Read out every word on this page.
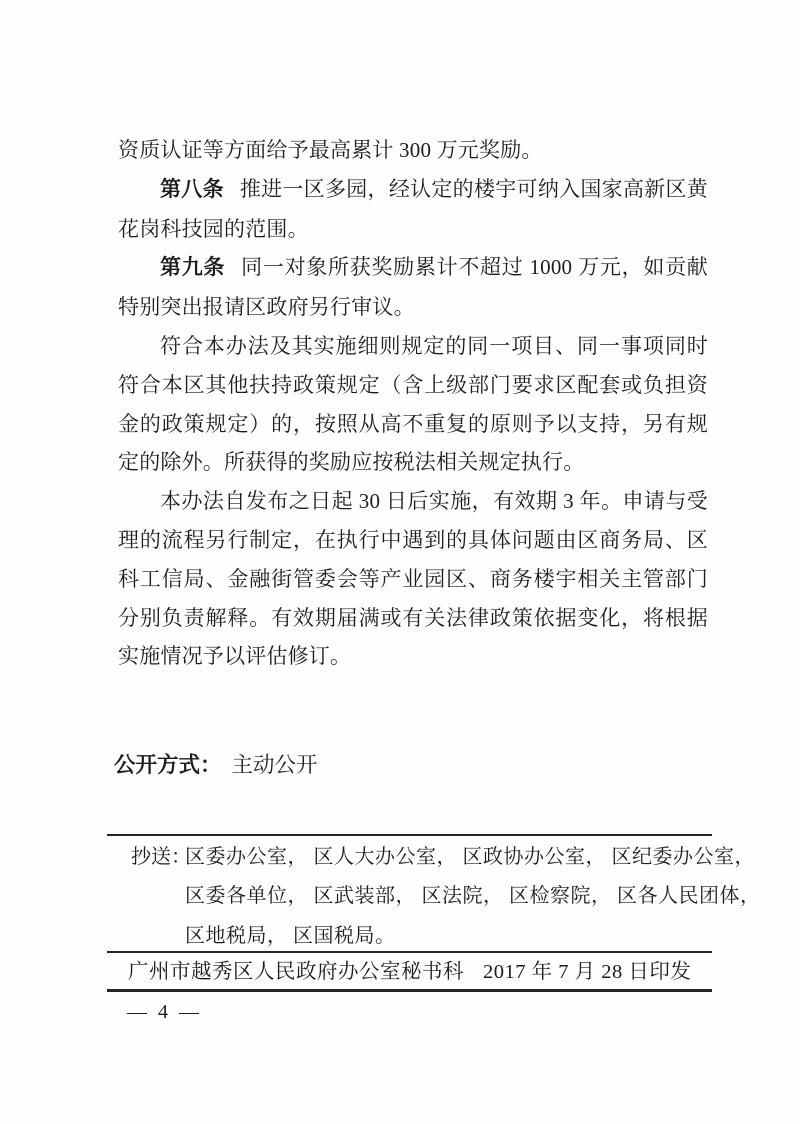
资质认证等方面给予最高累计 300 万元奖励。

第八条 推进一区多园，经认定的楼宇可纳入国家高新区黄花岗科技园的范围。

第九条 同一对象所获奖励累计不超过 1000 万元，如贡献特别突出报请区政府另行审议。

符合本办法及其实施细则规定的同一项目、同一事项同时符合本区其他扶持政策规定（含上级部门要求区配套或负担资金的政策规定）的，按照从高不重复的原则予以支持，另有规定的除外。所获得的奖励应按税法相关规定执行。

本办法自发布之日起 30 日后实施，有效期 3 年。申请与受理的流程另行制定，在执行中遇到的具体问题由区商务局、区科工信局、金融街管委会等产业园区、商务楼宇相关主管部门分别负责解释。有效期届满或有关法律政策依据变化，将根据实施情况予以评估修订。

公开方式： 主动公开
抄送：
区委办公室， 区人大办公室， 区政协办公室， 区纪委办公室，
区委各单位， 区武装部， 区法院， 区检察院， 区各人民团体，
区地税局， 区国税局。
广州市越秀区人民政府办公室秘书科 2017 年 7 月 28 日印发
— 4 —
